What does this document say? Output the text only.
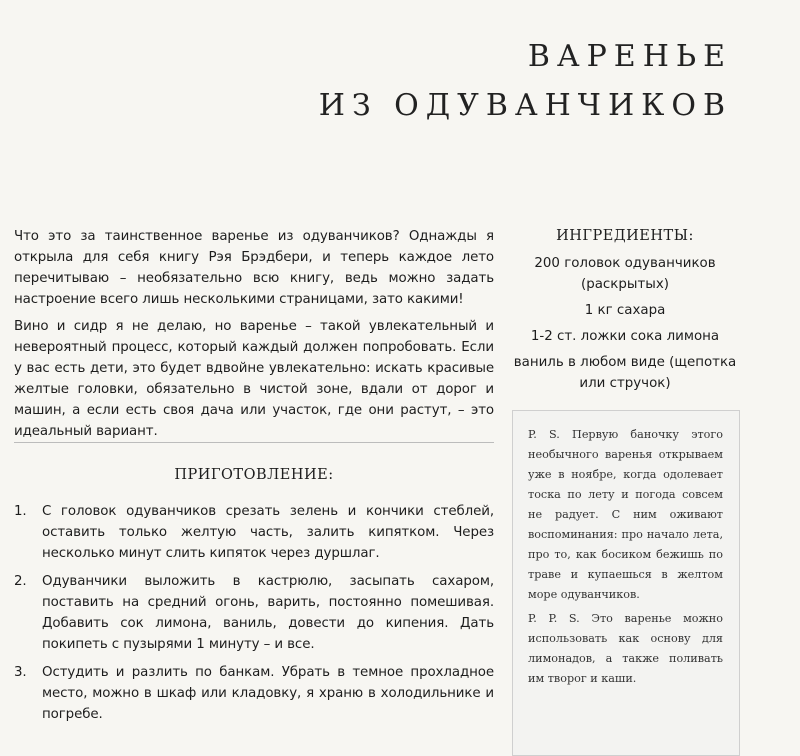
ВАРЕНЬЕ
ИЗ ОДУВАНЧИКОВ

Что это за таинственное варенье из одуванчиков? Однажды я открыла для себя книгу Рэя Брэдбери, и теперь каждое лето перечитываю – необязательно всю книгу, ведь можно задать настроение всего лишь несколькими страницами, зато какими!

Вино и сидр я не делаю, но варенье – такой увлекательный и невероятный процесс, который каждый должен попробовать. Если у вас есть дети, это будет вдвойне увлекательно: искать красивые желтые головки, обязательно в чистой зоне, вдали от дорог и машин, а если есть своя дача или участок, где они растут, – это идеальный вариант.

ПРИГОТОВЛЕНИЕ:
1.	С головок одуванчиков срезать зелень и кончики стеблей, оставить только желтую часть, залить кипятком. Через несколько минут слить кипяток через дуршлаг.
2.	Одуванчики выложить в кастрюлю, засыпать сахаром, поставить на средний огонь, варить, постоянно помешивая. Добавить сок лимона, ваниль, довести до кипения. Дать покипеть с пузырями 1 минуту – и все.
3.	Остудить и разлить по банкам. Убрать в темное прохладное место, можно в шкаф или кладовку, я храню в холодильнике и погребе.
ИНГРЕДИЕНТЫ:
200 головок одуванчиков (раскрытых)
1 кг сахара
1-2 ст. ложки сока лимона
ваниль в любом виде (щепотка или стручок)

P. S. Первую баночку этого необычного варенья открываем уже в ноябре, когда одолевает тоска по лету и погода совсем не радует. С ним оживают воспоминания: про начало лета, про то, как босиком бежишь по траве и купаешься в желтом море одуванчиков.

P. P. S. Это варенье можно использовать как основу для лимонадов, а также поливать им творог и каши.
